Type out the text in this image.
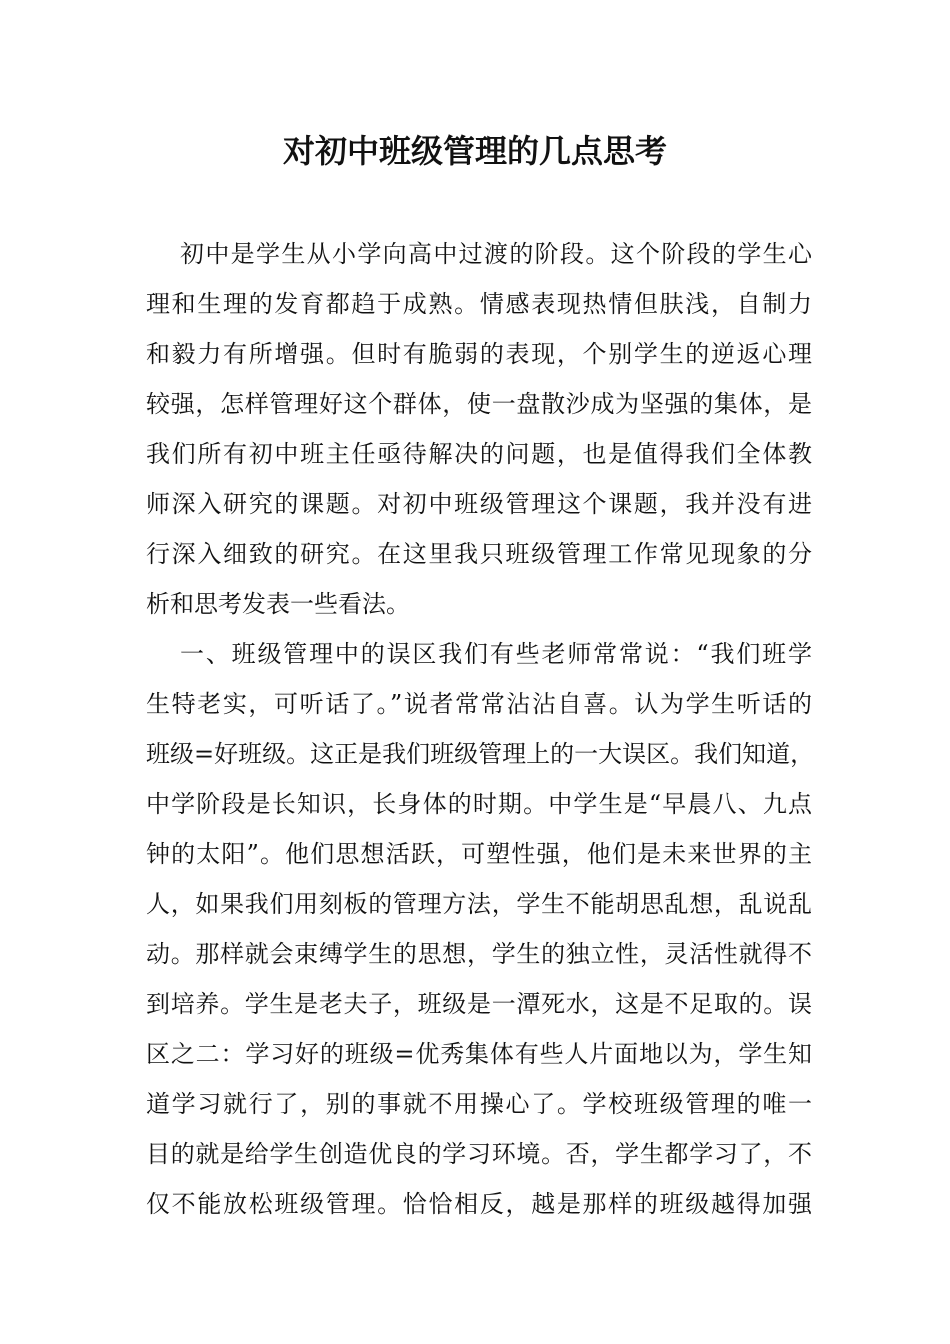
对初中班级管理的几点思考
初中是学生从小学向高中过渡的阶段。这个阶段的学生心
理和生理的发育都趋于成熟。情感表现热情但肤浅，自制力
和毅力有所增强。但时有脆弱的表现，个别学生的逆返心理
较强，怎样管理好这个群体，使一盘散沙成为坚强的集体，是
我们所有初中班主任亟待解决的问题，也是值得我们全体教
师深入研究的课题。对初中班级管理这个课题，我并没有进
行深入细致的研究。在这里我只班级管理工作常见现象的分
析和思考发表一些看法。
一、班级管理中的误区我们有些老师常常说：“我们班学
生特老实，可听话了。”说者常常沾沾自喜。认为学生听话的
班级=好班级。这正是我们班级管理上的一大误区。我们知道，
中学阶段是长知识，长身体的时期。中学生是“早晨八、九点
钟的太阳”。他们思想活跃，可塑性强，他们是未来世界的主
人，如果我们用刻板的管理方法，学生不能胡思乱想，乱说乱
动。那样就会束缚学生的思想，学生的独立性，灵活性就得不
到培养。学生是老夫子，班级是一潭死水，这是不足取的。误
区之二：学习好的班级=优秀集体有些人片面地以为，学生知
道学习就行了，别的事就不用操心了。学校班级管理的唯一
目的就是给学生创造优良的学习环境。否，学生都学习了，不
仅不能放松班级管理。恰恰相反，越是那样的班级越得加强
